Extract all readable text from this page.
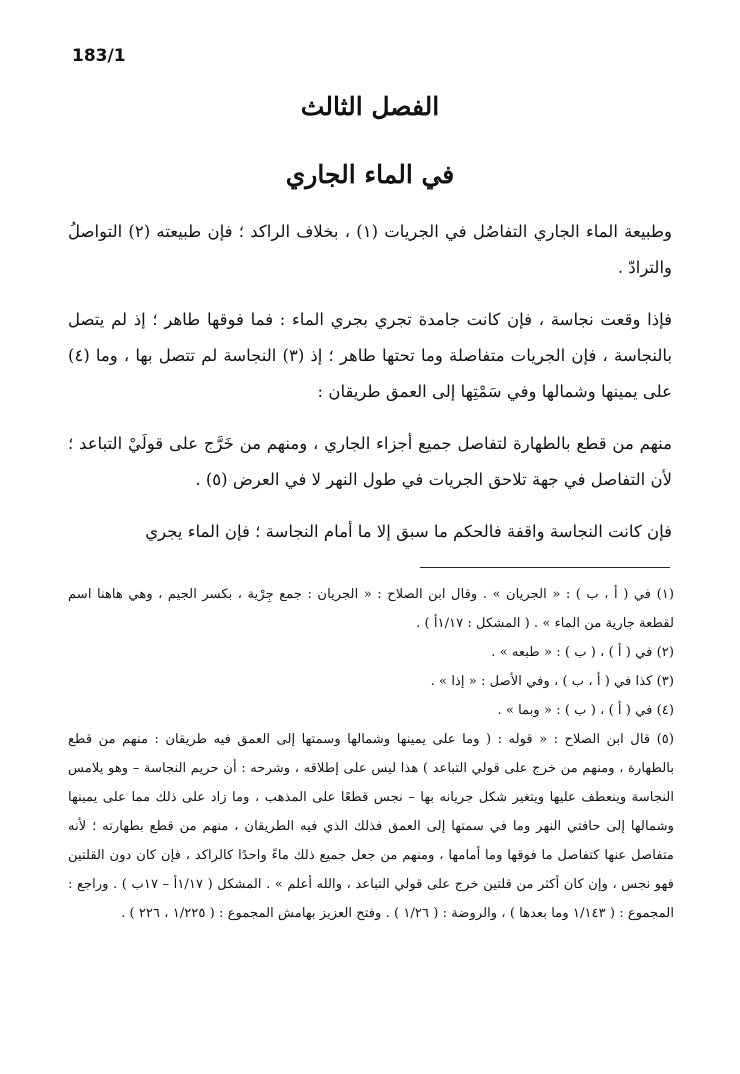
183/1
الفصل الثالث
في الماء الجاري

وطبيعة الماء الجاري التفاصُل في الجريات (١) ، بخلاف الراكد ؛ فإن طبيعته (٢) التواصلُ والترادّ .

فإذا وقعت نجاسة ، فإن كانت جامدة تجري بجري الماء : فما فوقها طاهر ؛ إذ لم يتصل بالنجاسة ، فإن الجريات متفاصلة وما تحتها طاهر ؛ إذ (٣) النجاسة لم تتصل بها ، وما (٤) على يمينها وشمالها وفي سَمْتِها إلى العمق طريقان :

منهم من قطع بالطهارة لتفاصل جميع أجزاء الجاري ، ومنهم من خَرَّج على قولَيْ التباعد ؛ لأن التفاصل في جهة تلاحق الجريات في طول النهر لا في العرض (٥) .

فإن كانت النجاسة واقفة فالحكم ما سبق إلا ما أمام النجاسة ؛ فإن الماء يجري

(١) في ( أ ، ب ) : « الجريان » . وقال ابن الصلاح : « الجريان : جمع جِرْية ، بكسر الجيم ، وهي هاهنا اسم لقطعة جارية من الماء » . ( المشكل : ١/١٧أ ) .

(٢) في ( أ ) ، ( ب ) : « طبعه » .

(٣) كذا في ( أ ، ب ) ، وفي الأصل : « إذا » .

(٤) في ( أ ) ، ( ب ) : « وبما » .

(٥) قال ابن الصلاح : « قوله : ( وما على يمينها وشمالها وسمتها إلى العمق فيه طريقان : منهم من قطع بالطهارة ، ومنهم من خرج على قولي التباعد ) هذا ليس على إطلاقه ، وشرحه : أن حريم النجاسة – وهو يلامس النجاسة وينعطف عليها ويتغير شكل جريانه بها – نجس قطعًا على المذهب ، وما زاد على ذلك مما على يمينها وشمالها إلى حافتي النهر وما في سمتها إلى العمق فذلك الذي فيه الطريقان ، منهم من قطع بطهارته ؛ لأنه متفاصل عنها كتفاصل ما فوقها وما أمامها ، ومنهم من جعل جميع ذلك ماءً واحدًا كالراكد ، فإن كان دون القلتين فهو نجس ، وإن كان أكثر من قلتين خرج على قولي التباعد ، والله أعلم » . المشكل ( ١/١٧أ – ١٧ب ) . وراجع : المجموع : ( ١/١٤٣ وما بعدها ) ، والروضة : ( ١/٢٦ ) . وفتح العزيز بهامش المجموع : ( ١/٢٢٥ ، ٢٢٦ ) .
